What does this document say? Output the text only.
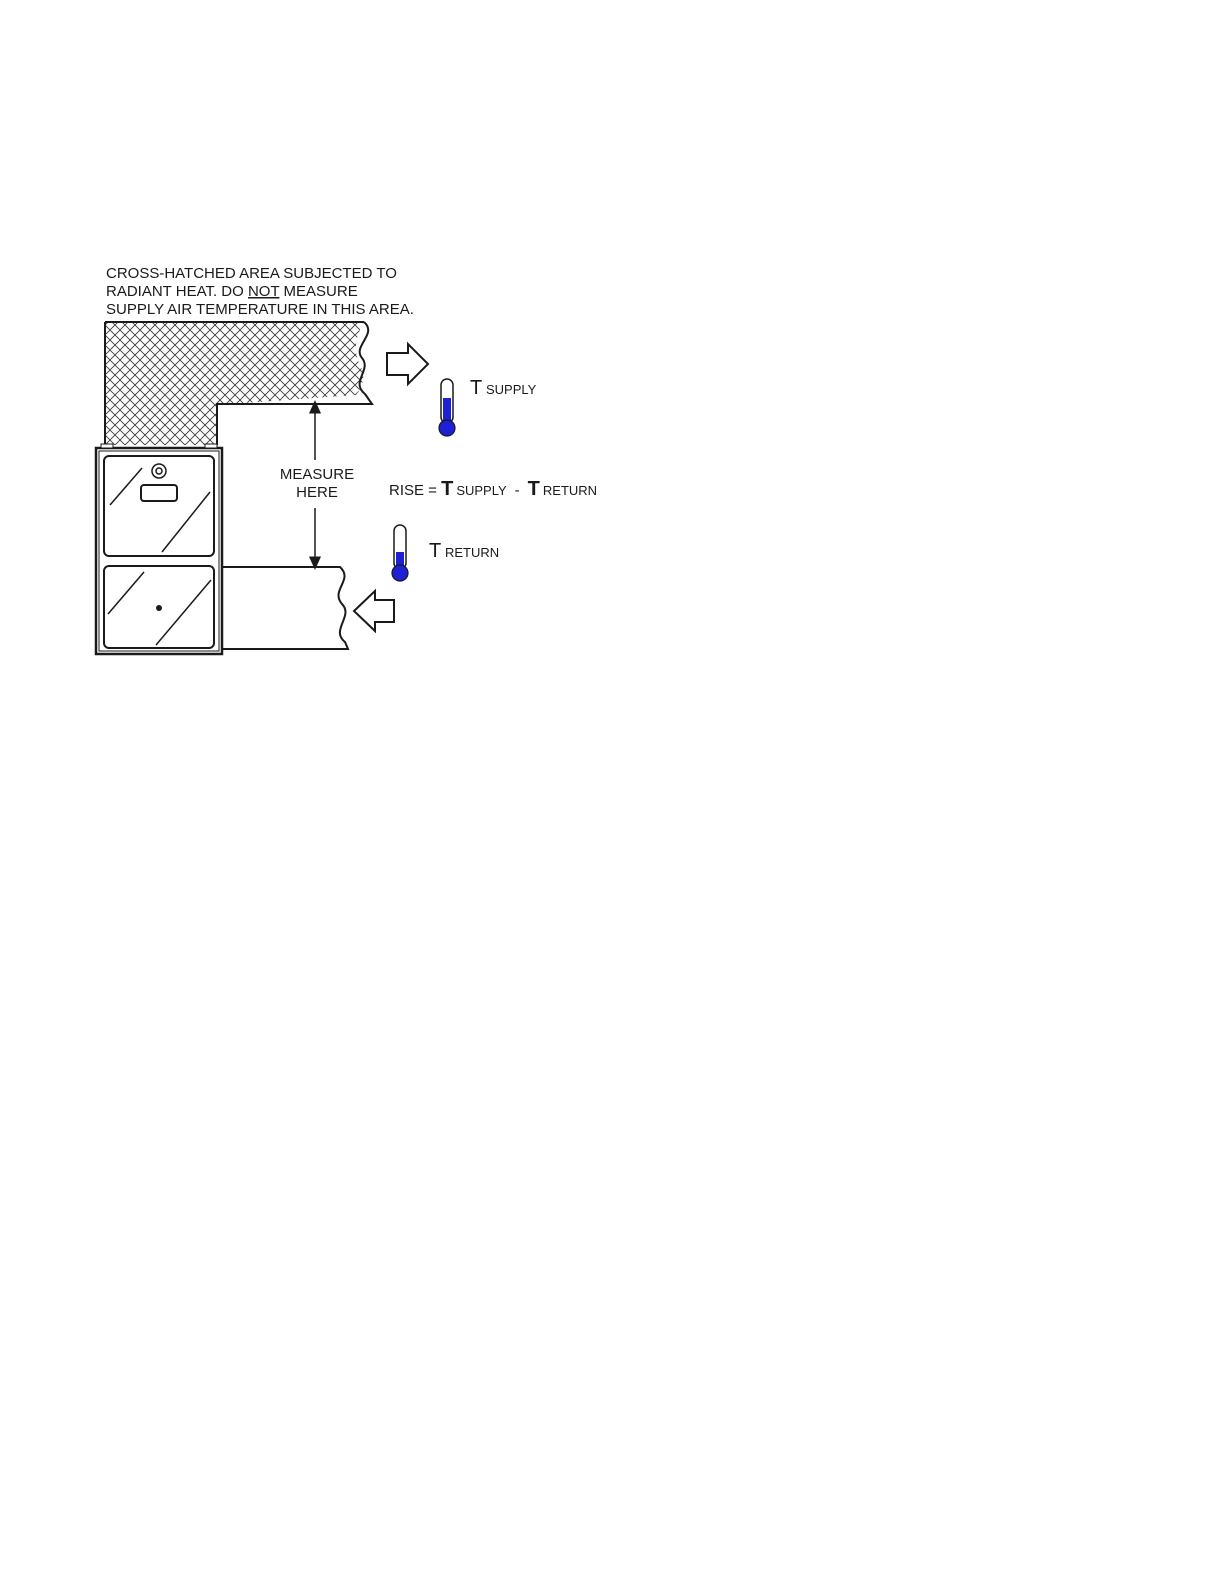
T SUPPLY
CROSS-HATCHED AREA SUBJECTED TO
RADIANT HEAT. DO NOT MEASURE
SUPPLY AIR TEMPERATURE IN THIS AREA.
MEASURE
HERE	RISE = T SUPPLY - T RETURN
T RETURN
